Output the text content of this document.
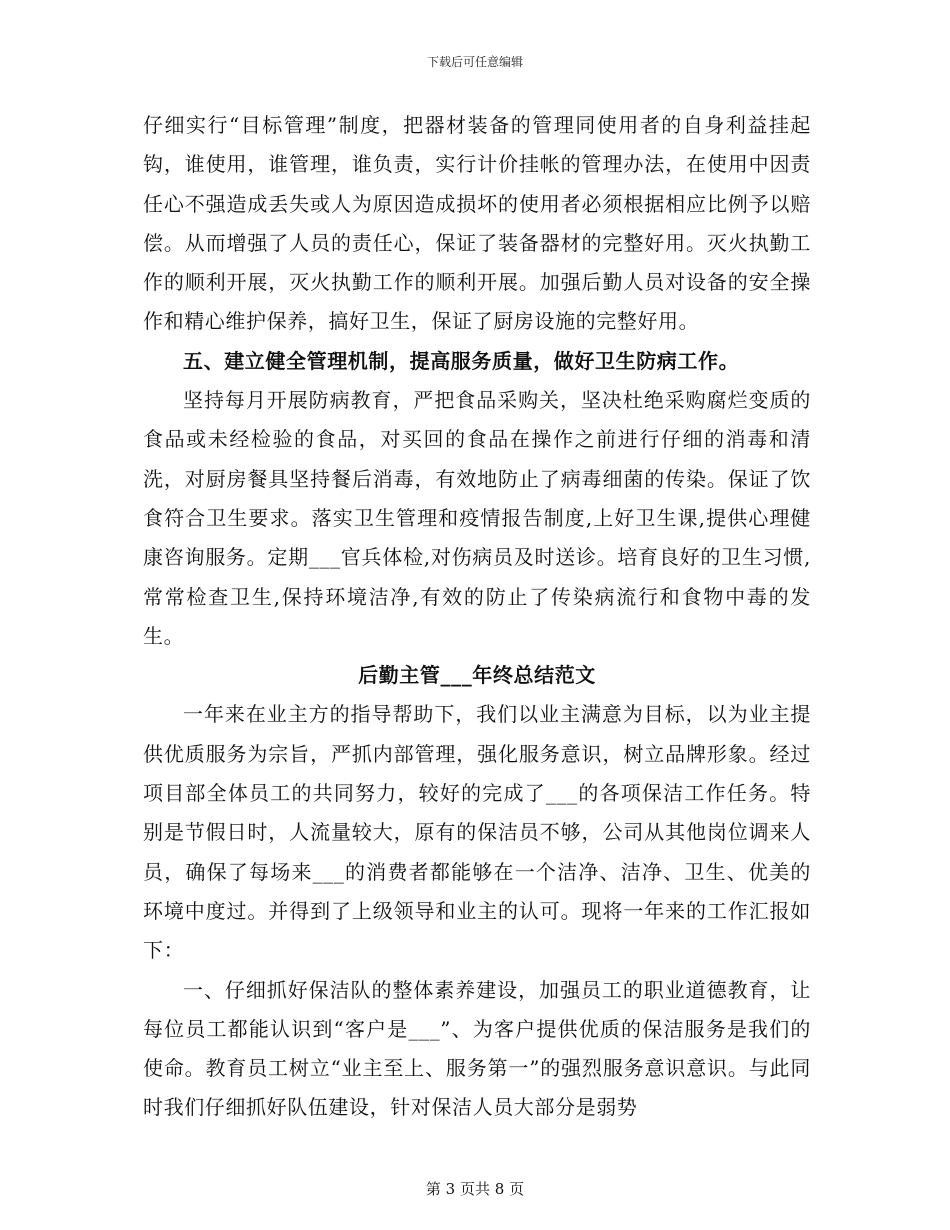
下载后可任意编辑

仔细实行“目标管理”制度，把器材装备的管理同使用者的自身利益挂起钩，谁使用，谁管理，谁负责，实行计价挂帐的管理办法，在使用中因责任心不强造成丢失或人为原因造成损坏的使用者必须根据相应比例予以赔偿。从而增强了人员的责任心，保证了装备器材的完整好用。灭火执勤工作的顺利开展，灭火执勤工作的顺利开展。加强后勤人员对设备的安全操作和精心维护保养，搞好卫生，保证了厨房设施的完整好用。

五、建立健全管理机制，提高服务质量，做好卫生防病工作。

坚持每月开展防病教育，严把食品采购关，坚决杜绝采购腐烂变质的食品或未经检验的食品，对买回的食品在操作之前进行仔细的消毒和清洗，对厨房餐具坚持餐后消毒，有效地防止了病毒细菌的传染。保证了饮食符合卫生要求。落实卫生管理和疫情报告制度,上好卫生课,提供心理健康咨询服务。定期___官兵体检,对伤病员及时送诊。培育良好的卫生习惯,常常检查卫生,保持环境洁净,有效的防止了传染病流行和食物中毒的发生。

后勤主管___年终总结范文

一年来在业主方的指导帮助下，我们以业主满意为目标，以为业主提供优质服务为宗旨，严抓内部管理，强化服务意识，树立品牌形象。经过项目部全体员工的共同努力，较好的完成了___的各项保洁工作任务。特别是节假日时，人流量较大，原有的保洁员不够，公司从其他岗位调来人员，确保了每场来___的消费者都能够在一个洁净、洁净、卫生、优美的环境中度过。并得到了上级领导和业主的认可。现将一年来的工作汇报如下：

一、仔细抓好保洁队的整体素养建设，加强员工的职业道德教育，让每位员工都能认识到“客户是___”、为客户提供优质的保洁服务是我们的使命。教育员工树立“业主至上、服务第一”的强烈服务意识意识。与此同时我们仔细抓好队伍建设，针对保洁人员大部分是弱势

第 3 页共 8 页
